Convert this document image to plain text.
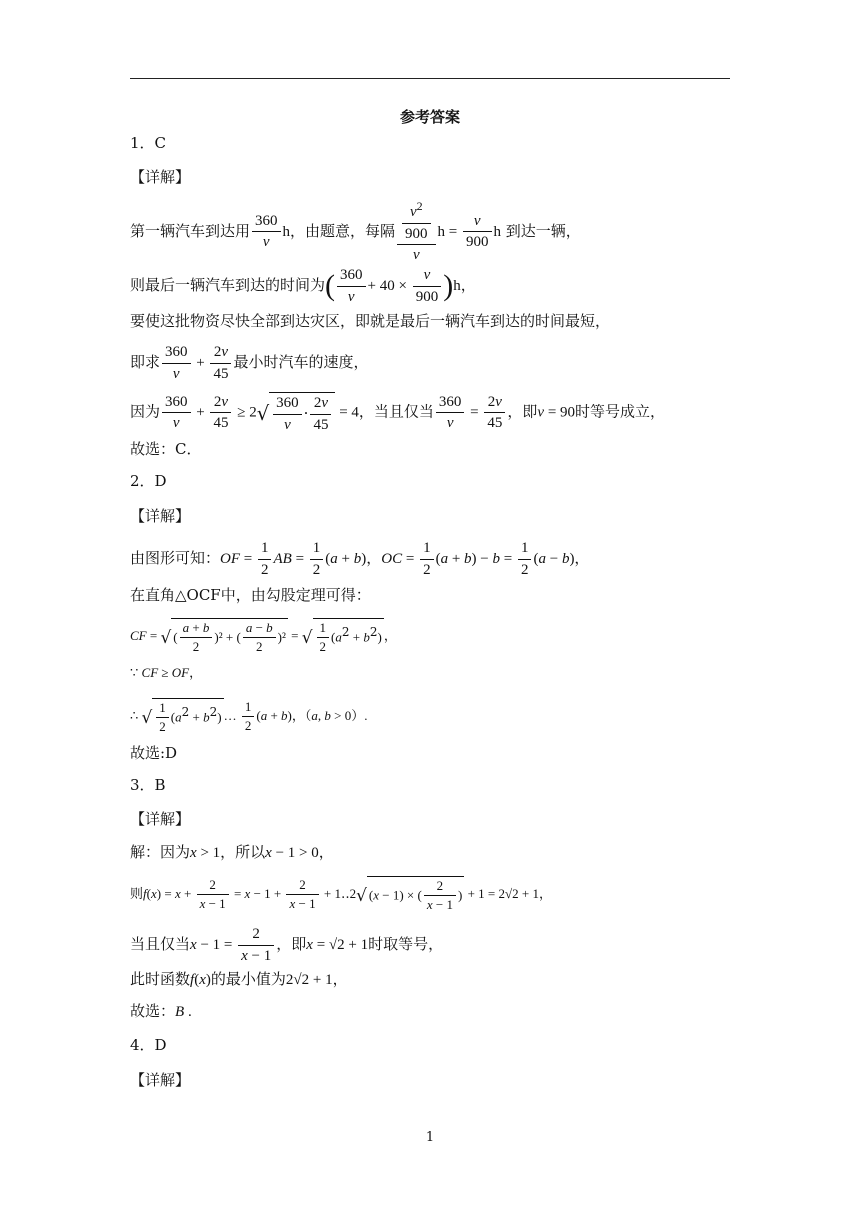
参考答案
1．C
【详解】
第一辆汽车到达用 $\frac{360}{v}$ h，由题意，每隔 $\frac{\frac{v^2}{900}}{v}$ $h = \frac{v}{900}$ h 到达一辆，
则最后一辆汽车到达的时间为( $\frac{360}{v} + 40 \times \frac{v}{900} )h$，
要使这批物资尽快全部到达灾区，即就是最后一辆汽车到达的时间最短，
即求 $\frac{360}{v} + \frac{2v}{45}$ 最小时汽车的速度，
因为 $\frac{360}{v} + \frac{2v}{45} \ge 2√ \frac{360}{v} \cdot \frac{2v}{45} = 4$，当且仅当 $\frac{360}{v} = \frac{2v}{45}$ ，即v = 90时等号成立，
故选：C．
2．D
【详解】
由图形可知：OF = $\frac{1}{2}$ AB = $\frac{1}{2} (a + b)$，OC = $\frac{1}{2} (a + b) - b = \frac{1}{2} (a - b)$，
在直角△OCF中，由勾股定理可得：
CF = √ ( $\frac{a + b}{2} )^2$ + ( $\frac{a - b}{2} )^2$ = √ $\frac{1}{2} (a^2 + b^2)$ ，
∵ CF ≥ OF，
∴ √ $\frac{1}{2} (a^2 + b^2)$ … $\frac{1}{2} (a + b)$，（a, b > 0）.
故选:D
3．B
【详解】
解：因为x > 1，所以x − 1 > 0，
则$f(x) = x + \frac{2}{x - 1} = x - 1 + \frac{2}{x - 1}$ + 1‥2√ (x − 1) × ( $\frac{2}{x - 1}$ ) + 1 = 2√2 + 1，
当且仅当$x - 1 = \frac{2}{x - 1}$ ，即x = √2 + 1时取等号，
此时函数f(x)的最小值为2√2 + 1，
故选：B .
4．D
【详解】
1
